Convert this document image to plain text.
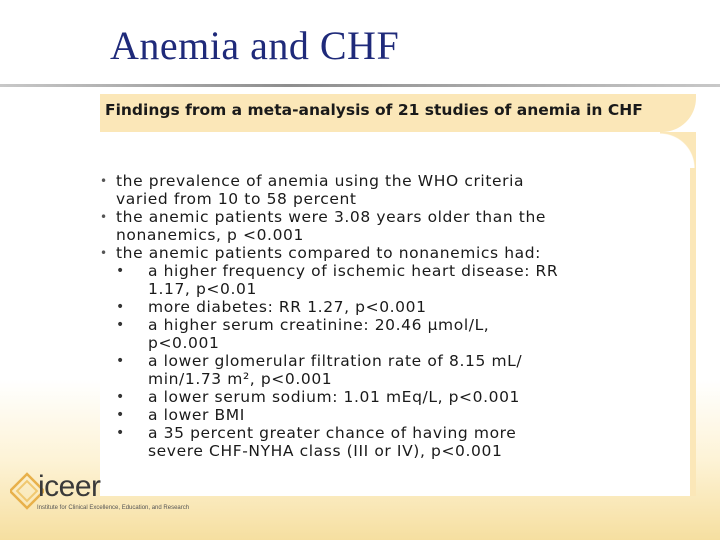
Anemia and CHF
Findings from a meta-analysis of 21 studies of anemia in CHF
• the prevalence of anemia using the WHO criteria
varied from 10 to 58 percent
• the anemic patients were 3.08 years older than the
nonanemics, p <0.001
• the anemic patients compared to nonanemics had:
• a higher frequency of ischemic heart disease: RR
1.17, p<0.01
• more diabetes: RR 1.27, p<0.001
• a higher serum creatinine: 20.46 µmol/L,
p<0.001
• a lower glomerular filtration rate of 8.15 mL/
min/1.73 m², p<0.001
• a lower serum sodium: 1.01 mEq/L, p<0.001
• a lower BMI
• a 35 percent greater chance of having more
severe CHF-NYHA class (III or IV), p<0.001
iceer
Institute for Clinical Excellence, Education, and Research
